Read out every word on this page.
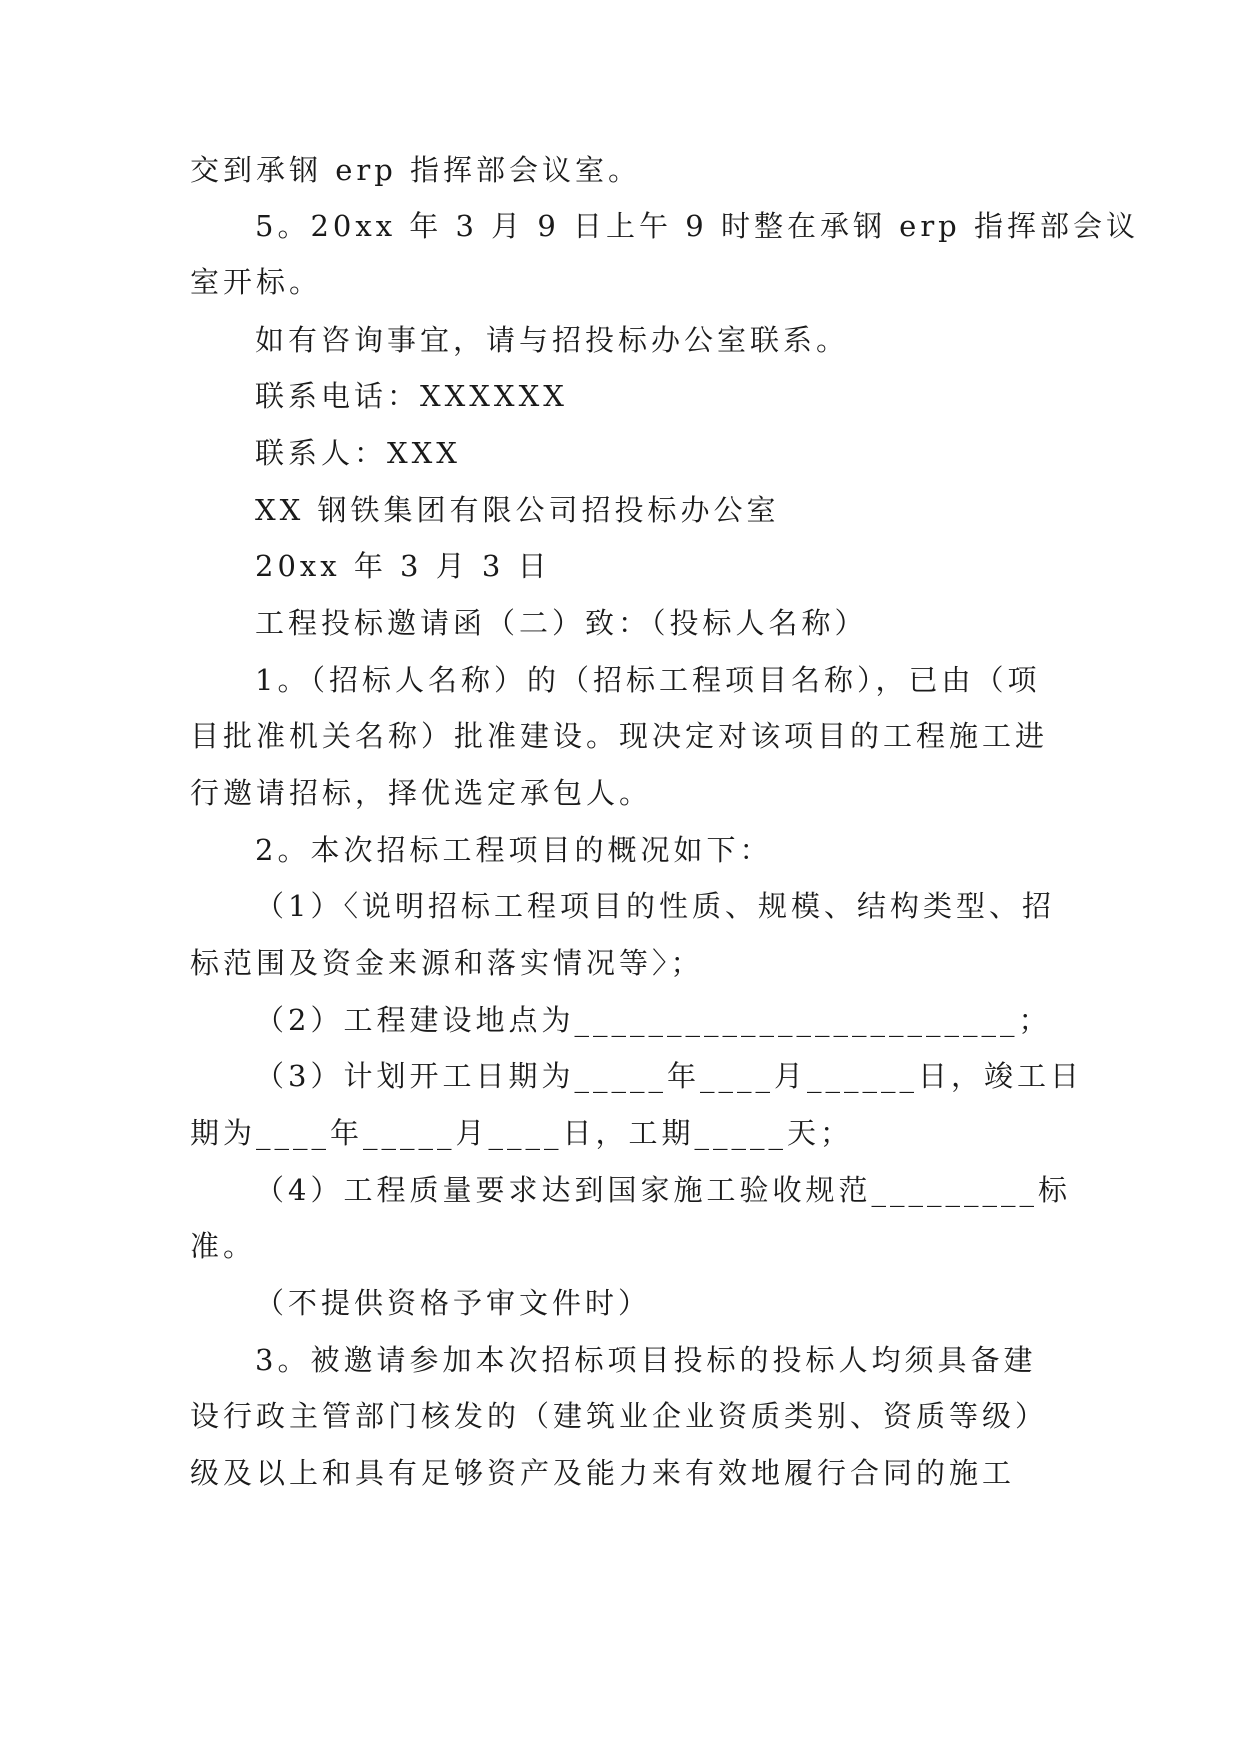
交到承钢 erp 指挥部会议室。
5。20xx 年 3 月 9 日上午 9 时整在承钢 erp 指挥部会议
室开标。
如有咨询事宜，请与招投标办公室联系。
联系电话：XXXXXX
联系人：XXX
XX 钢铁集团有限公司招投标办公室
20xx 年 3 月 3 日
工程投标邀请函（二）致：（投标人名称）
1。（招标人名称）的（招标工程项目名称），已由（项
目批准机关名称）批准建设。现决定对该项目的工程施工进
行邀请招标，择优选定承包人。
2。本次招标工程项目的概况如下：
（1）〈说明招标工程项目的性质、规模、结构类型、招
标范围及资金来源和落实情况等〉；
（2）工程建设地点为________________________；
（3）计划开工日期为_____年____月______日，竣工日
期为____年_____月____日，工期_____天；
（4）工程质量要求达到国家施工验收规范_________标
准。
（不提供资格予审文件时）
3。被邀请参加本次招标项目投标的投标人均须具备建
设行政主管部门核发的（建筑业企业资质类别、资质等级）
级及以上和具有足够资产及能力来有效地履行合同的施工
